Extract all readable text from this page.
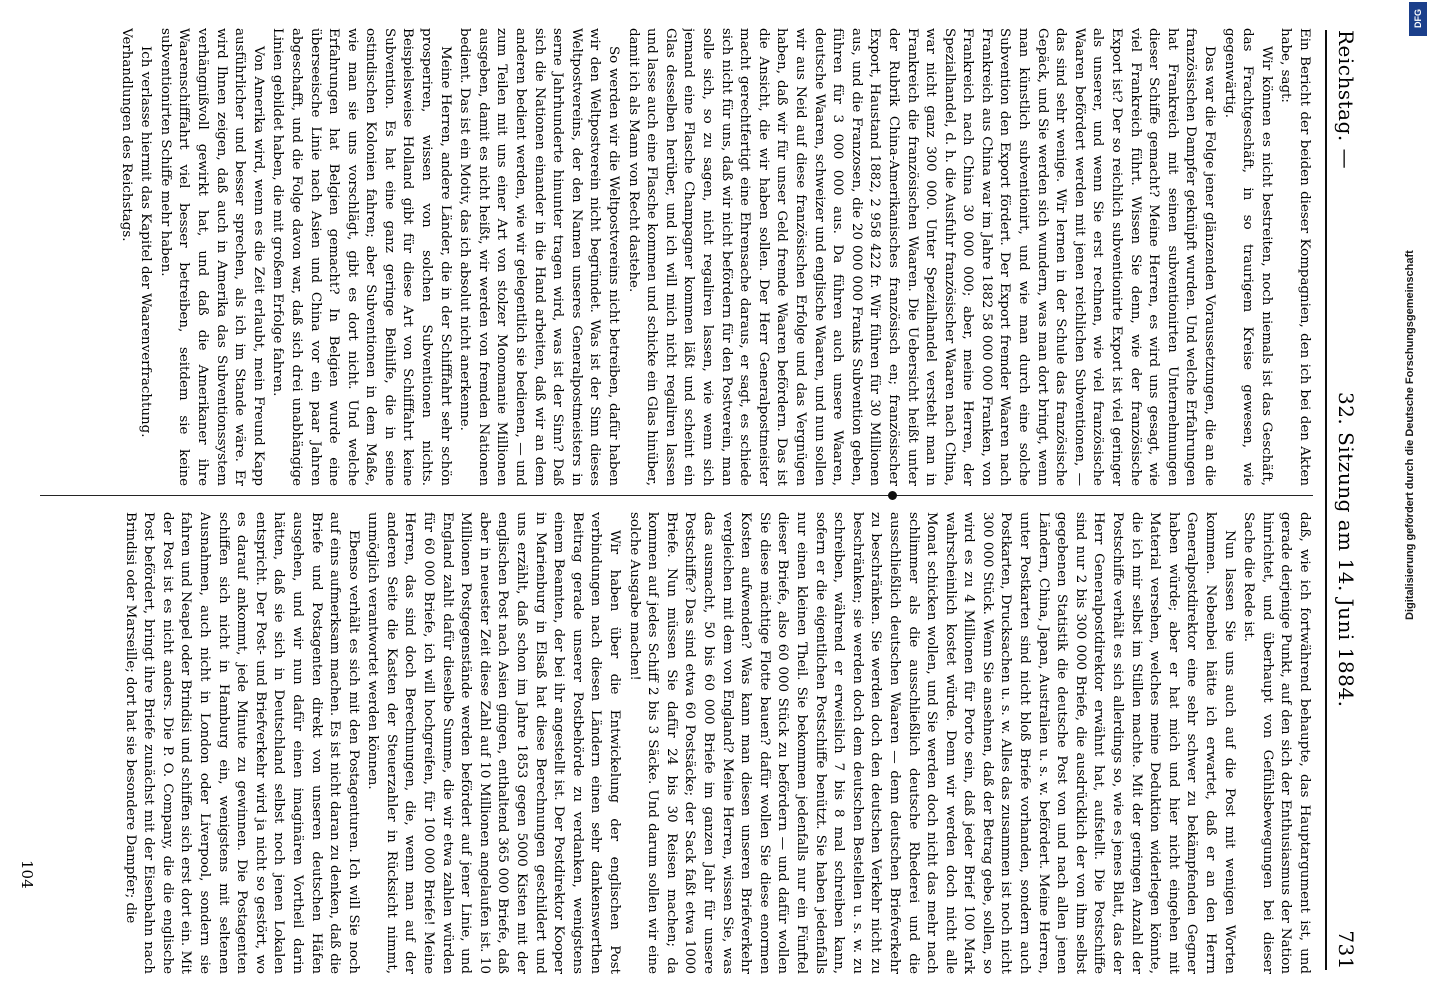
Reichstag. —
32. Sitzung am 14. Juni 1884.
731

Ein Bericht der beiden dieser Kompagnien, den ich bei den Akten habe, sagt:

Wir können es nicht bestreiten, noch niemals ist das Geschäft, das Frachtgeschäft, in so traurigem Kreise gewesen, wie gegenwärtig.

Das war die Folge jener glänzenden Voraussetzungen, die an die französischen Dampfer geknüpft wurden. Und welche Erfahrungen hat Frankreich mit seinen subventionirten Unternehmungen dieser Schiffe gemacht? Meine Herren, es wird uns gesagt, wie viel Frankreich führt. Wissen Sie denn, wie der französische Export ist? Der so reichlich subventionirte Export ist viel geringer als unserer, und wenn Sie erst rechnen, wie viel französische Waaren befördert werden mit jenen reichlichen Subventionen, — das sind sehr wenige. Wir lernen in der Schule das französische Gepäck, und Sie werden sich wundern, was man dort bringt, wenn man künstlich subventionirt, und wie man durch eine solche Subvention den Export fördert. Der Export fremder Waaren nach Frankreich aus China war im Jahre 1882 58 000 000 Franken, von Frankreich nach China 30 000 000; aber, meine Herren, der Spezialhandel, d. h. die Ausfuhr französischer Waaren nach China, war nicht ganz 300 000. Unter Spezialhandel versteht man in Frankreich die französischen Waaren. Die Uebersicht heißt unter der Rubrik China-Amerikanisches französisch en; französischer Export, Haustand 1882, 2 958 422 fr. Wir führen für 30 Millionen aus, und die Franzosen, die 20 000 000 Franks Subvention geben, führen für 3 000 000 aus. Da führen auch unsere Waaren, deutsche Waaren, schweizer und englische Waaren, und nun sollen wir aus Neid auf diese französischen Erfolge und das Vergnügen haben, daß wir für unser Geld fremde Waaren befördern. Das ist die Ansicht, die wir haben sollen. Der Herr Generalpostmeister macht gerechtfertigt eine Ehrensache daraus, er sagt, es schiede sich nicht für uns, daß wir nicht befördern für den Postverein, man solle sich, so zu sagen, nicht regaliren lassen, wie wenn sich jemand eine Flasche Champagner kommen läßt und scheint ein Glas desselben herüber, und ich will mich nicht regaliren lassen und lasse auch eine Flasche kommen und schicke ein Glas hinüber, damit ich als Mann von Recht dastehe.

So werden wir die Weltpostvereins nicht betreiben, dafür haben wir den Weltpostverein nicht begründet. Was ist der Sinn dieses Weltpostvereins, der den Namen unseres Generalpostmeisters in serne Jahrhunderte hinunter tragen wird, was ist der Sinn? Daß sich die Nationen einander in die Hand arbeiten, daß wir an dem anderen bedient werden, wie wir gelegentlich sie bedienen, — und zum Teilen mit uns einer Art von stolzer Monomanie Millionen ausgeben, damit es nicht heißt, wir werden von fremden Nationen bedient. Das ist ein Motiv, das ich absolut nicht anerkenne.

Meine Herren, andere Länder, die in der Schifffahrt sehr schön prosperiren, wissen von solchen Subventionen nichts. Beispielsweise Holland gibt für diese Art von Schifffahrt keine Subvention. Es hat eine ganz geringe Beihilfe, die in seine ostindischen Kolonien fahren; aber Subventionen in dem Maße, wie man sie uns vorschlägt, gibt es dort nicht. Und welche Erfahrungen hat Belgien gemacht? In Belgien wurde eine überseeische Linie nach Asien und China vor ein paar Jahren abgeschafft, und die Folge davon war, daß sich drei unabhängige Linien gebildet haben, die mit großem Erfolge fahren.

Von Amerika wird, wenn es die Zeit erlaubt, mein Freund Kapp ausführlicher und besser sprechen, als ich im Stande wäre. Er wird Ihnen zeigen, daß auch in Amerika das Subventionssystem verhängnißvoll gewirkt hat, und daß die Amerikaner ihre Waarenschifffahrt viel besser betreiben, seitdem sie keine subventionirten Schiffe mehr haben.

Ich verlasse hiermit das Kapitel der Waarenverfrachtung.

Verhandlungen des Reichstags.

daß, wie ich fortwährend behaupte, das Hauptargument ist, und gerade derjenige Punkt, auf den sich der Enthusiasmus der Nation hinrichtet, und überhaupt von Gefühlsbewegungen bei dieser Sache die Rede ist.

Nun lassen Sie uns auch auf die Post mit wenigen Worten kommen. Nebenbei hätte ich erwartet, daß er an den Herrn Generalpostdirektor eine sehr schwer zu bekämpfenden Gegner haben würde; aber er hat mich und hier nicht eingehen mit Material versehen, welches meine Deduktion widerlegen könnte, die ich mir selbst im Stillen machte. Mit der geringen Anzahl der Postschiffe verhält es sich allerdings so, wie es jenes Blatt, das der Herr Generalpostdirektor erwähnt hat, aufstellt. Die Postschiffe sind nur 2 bis 300 000 Briefe, die ausdrücklich der von ihm selbst gegebenen Statistik die deutsche Post von und nach allen jenen Ländern, China, Japan, Australien u. s. w. befördert. Meine Herren, unter Postkarten sind nicht bloß Briefe vorhanden, sondern auch Postkarten, Drucksachen u. s. w. Alles das zusammen ist noch nicht 300 000 Stück. Wenn Sie ansehnen, daß der Betrag gebe, sollen, so wird es zu 4 Millionen für Porto sein, daß jeder Brief 100 Mark wahrscheinlich kostet würde. Denn wir werden doch nicht alle Monat schicken wollen, und Sie werden doch nicht das mehr nach schlimmer als die ausschließlich deutsche Rhederei und die ausschließlich deutschen Waaren — denn deutschen Briefverkehr zu beschränken. Sie werden doch den deutschen Verkehr nicht zu beschränken; sie werden doch dem deutschen Bestellen u. s. w. zu schreiben, während er erweislich 7 bis 8 mal schreiben kann, sofern er die eigentlichen Postschiffe benützt. Sie haben jedenfalls nur einen kleinen Theil. Sie bekommen jedenfalls nur ein Fünftel dieser Briefe, also 60 000 Stück zu befördern — und dafür wollen Sie diese mächtige Flotte bauen? dafür wollen Sie diese enormen Kosten aufwenden? Was kann man diesen unseren Briefverkehr vergleichen mit dem von England? Meine Herren, wissen Sie, was das ausmacht, 50 bis 60 000 Briefe im ganzen Jahr für unsere Postschiffe? Das sind etwa 60 Postsäcke; der Sack faßt etwa 1000 Briefe. Nun müssen Sie dafür 24 bis 30 Reisen machen; da kommen auf jedes Schiff 2 bis 3 Säcke. Und darum sollen wir eine solche Ausgabe machen!

Wir haben über die Entwickelung der englischen Post verbindungen nach diesen Ländern einen sehr dankenswerthen Beitrag gerade unserer Postbehörde zu verdanken, wenigstens einem Beamten, der bei ihr angestellt ist. Der Postdirektor Kooper in Marienburg in Elsaß hat diese Berechnungen geschildert und uns erzählt, daß schon im Jahre 1853 gegen 5000 Kisten mit der englischen Post nach Asien gingen, enthaltend 365 000 Briefe, daß aber in neuester Zeit diese Zahl auf 10 Millionen angelaufen ist. 10 Millionen Postgegenstände werden befördert auf jener Linie, und England zahlt dafür dieselbe Summe, die wir etwa zahlen würden für 60 000 Briefe, ich will hochgreifen, für 100 000 Briefe! Meine Herren, das sind doch Berechnungen, die, wenn man auf der anderen Seite die Kasten der Steuerzahler in Rücksicht nimmt, unmöglich verantwortet werden können.

Ebenso verhält es sich mit den Postagenturen. Ich will Sie noch auf eins aufmerksam machen. Es ist nicht daran zu denken, daß die Briefe und Postagenten direkt von unseren deutschen Häfen ausgehen, und wir nun dafür einen imaginären Vortheil darin hätten, daß sie sich in Deutschland selbst noch jenen Lokalen entspricht. Der Post- und Briefverkehr wird ja nicht so gestört, wo es darauf ankommt, jede Minute zu gewinnen. Die Postagenten schiffen sich nicht in Hamburg ein, wenigstens mit seltenen Ausnahmen, auch nicht in London oder Liverpool, sondern sie fahren und Neapel oder Brindisi und schiffen sich erst dort ein. Mit der Post ist es nicht anders. Die P. O. Company, die die englische Post befördert, bringt ihre Briefe zunächst mit der Eisenbahn nach Brindisi oder Marseille; dort hat sie besondere Dampfer; die

104
DFG
Digitalisierung gefördert durch die Deutsche Forschungsgemeinschaft
